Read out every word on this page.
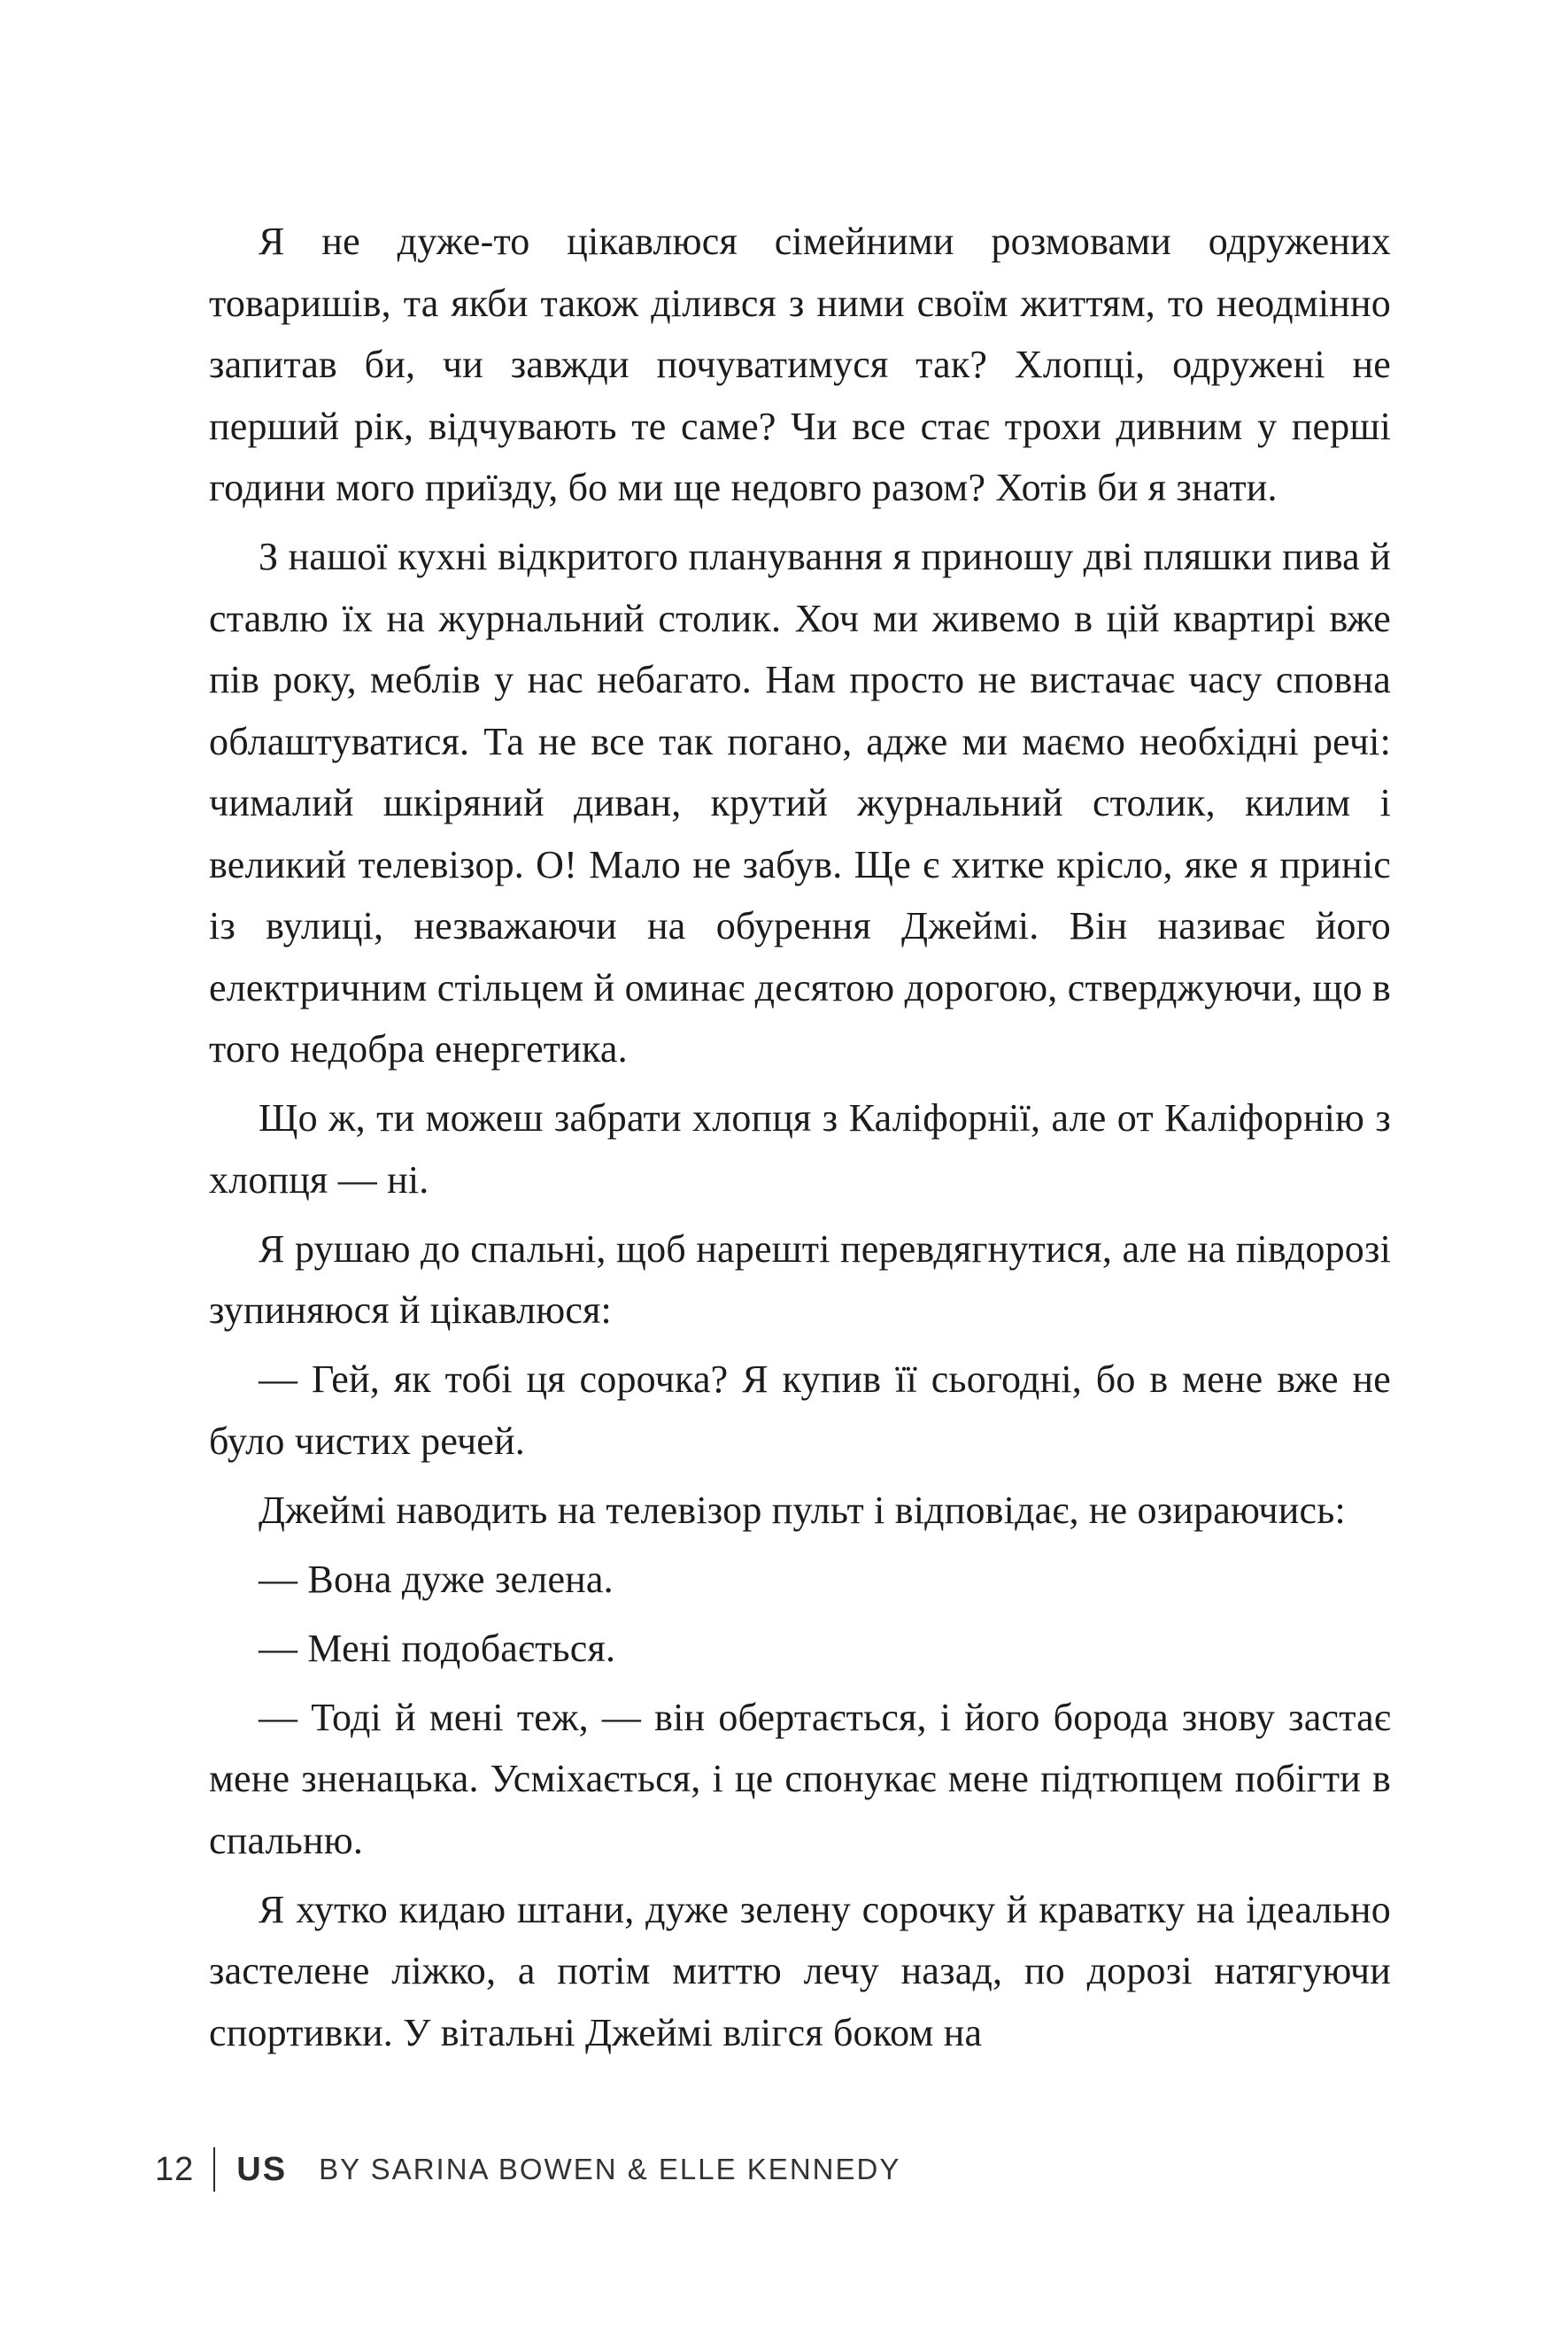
Я не дуже-то цікавлюся сімейними розмовами одружених товаришів, та якби також ділився з ними своїм життям, то неодмінно запитав би, чи завжди почуватимуся так? Хлопці, одружені не перший рік, відчувають те саме? Чи все стає трохи дивним у перші години мого приїзду, бо ми ще недовго разом? Хотів би я знати.

З нашої кухні відкритого планування я приношу дві пляшки пива й ставлю їх на журнальний столик. Хоч ми живемо в цій квартирі вже пів року, меблів у нас небагато. Нам просто не вистачає часу сповна облаштуватися. Та не все так погано, адже ми маємо необхідні речі: чималий шкіряний диван, крутий журнальний столик, килим і великий телевізор. О! Мало не забув. Ще є хитке крісло, яке я приніс із вулиці, незважаючи на обурення Джеймі. Він називає його електричним стільцем й оминає десятою дорогою, стверджуючи, що в того недобра енергетика.

Що ж, ти можеш забрати хлопця з Каліфорнії, але от Каліфорнію з хлопця — ні.

Я рушаю до спальні, щоб нарешті перевдягнутися, але на півдорозі зупиняюся й цікавлюся:

— Гей, як тобі ця сорочка? Я купив її сьогодні, бо в мене вже не було чистих речей.

Джеймі наводить на телевізор пульт і відповідає, не озираючись:

— Вона дуже зелена.

— Мені подобається.

— Тоді й мені теж, — він обертається, і його борода знову застає мене зненацька. Усміхається, і це спонукає мене підтюпцем побігти в спальню.

Я хутко кидаю штани, дуже зелену сорочку й краватку на ідеально застелене ліжко, а потім миттю лечу назад, по дорозі натягуючи спортивки. У вітальні Джеймі влігся боком на

12 US BY SARINA BOWEN & ELLE KENNEDY
